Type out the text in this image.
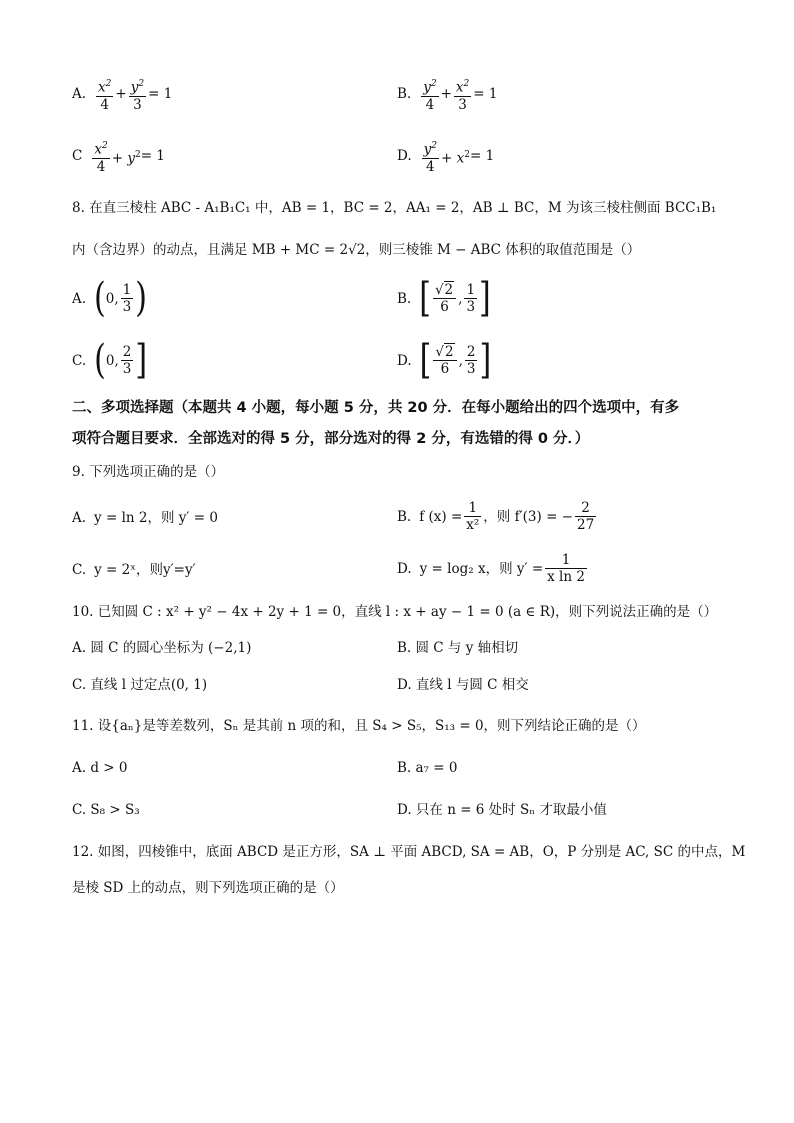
A. $\frac{x^2}{4} + \frac{y^2}{3} = 1$	B. $\frac{y^2}{4} + \frac{x^2}{3} = 1$
C $\frac{x^2}{4} + y^2 = 1$	D. $\frac{y^2}{4} + x^2 = 1$
8. 在直三棱柱 ABC - A₁B₁C₁ 中，AB = 1，BC = 2，AA₁ = 2，AB ⊥ BC，M 为该三棱柱侧面 BCC₁B₁
内（含边界）的动点，且满足 MB + MC = 2√2，则三棱锥 M − ABC 体积的取值范围是（）
A. ( 0, $\frac{1}{3}$ )	B. [ $\frac{√2}{6}$ , $\frac{1}{3}$ ]
C. ( 0, $\frac{2}{3}$ ]	D. [ $\frac{√2}{6}$ , $\frac{2}{3}$ ]
二、多项选择题（本题共 4 小题，每小题 5 分，共 20 分．在每小题给出的四个选项中，有多
项符合题目要求．全部选对的得 5 分，部分选对的得 2 分，有选错的得 0 分．）
9. 下列选项正确的是（）
A. y = ln 2，则 y′ = 0	B. f $(x) = \frac{1}{\text{x²}}$ ，则 f′(3) = − $\frac{2}{27}$
C. y = 2ˣ，则y′=y′	D. y = log₂ x，则 $y' = \frac{1}{\text{x ln 2}}$
10. 已知圆 C : x² + y² − 4x + 2y + 1 = 0，直线 l : x + ay − 1 = 0 (a ∈ R)，则下列说法正确的是（）
A. 圆 C 的圆心坐标为 (−2,1)	B. 圆 C 与 y 轴相切
C. 直线 l 过定点(0, 1)	D. 直线 l 与圆 C 相交
11. 设{aₙ}是等差数列，Sₙ 是其前 n 项的和，且 S₄ > S₅，S₁₃ = 0，则下列结论正确的是（）
A. d > 0	B. a₇ = 0
C. S₈ > S₃	D. 只在 n = 6 处时 Sₙ 才取最小值
12. 如图，四棱锥中，底面 ABCD 是正方形，SA ⊥ 平面 ABCD, SA = AB，O，P 分别是 AC, SC 的中点，M
是棱 SD 上的动点，则下列选项正确的是（）
